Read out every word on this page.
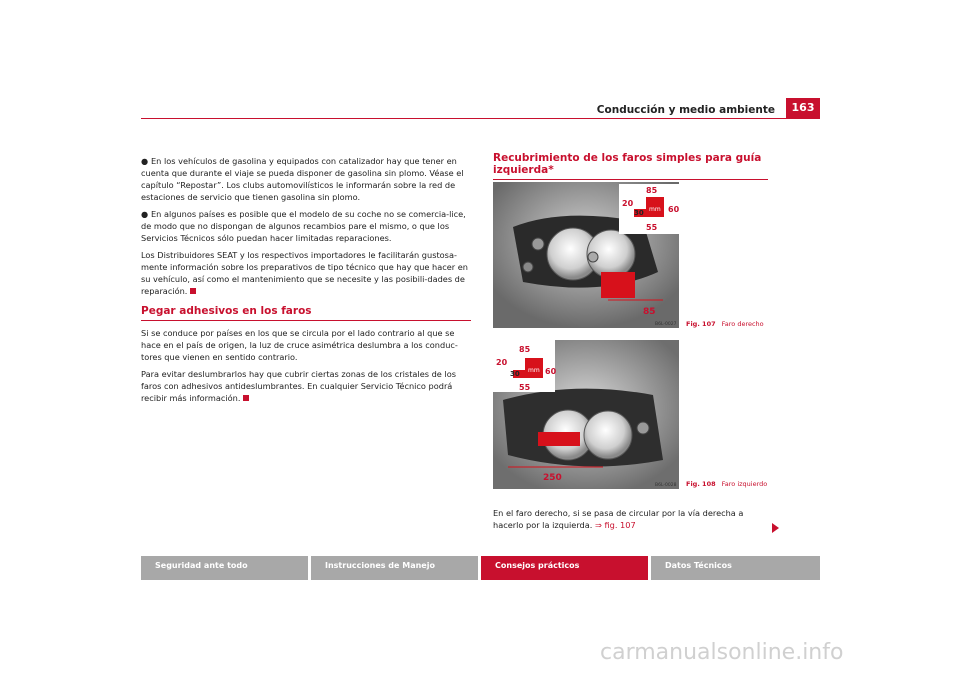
Conducción y medio ambiente	163

● En los vehículos de gasolina y equipados con catalizador hay que tener en cuenta que durante el viaje se pueda disponer de gasolina sin plomo. Véase el capítulo “Repostar”. Los clubs automovilísticos le informarán sobre la red de estaciones de servicio que tienen gasolina sin plomo.

● En algunos países es posible que el modelo de su coche no se comercia-lice, de modo que no dispongan de algunos recambios pare el mismo, o que los Servicios Técnicos sólo puedan hacer limitadas reparaciones.

Los Distribuidores SEAT y los respectivos importadores le facilitarán gustosa-mente información sobre los preparativos de tipo técnico que hay que hacer en su vehículo, así como el mantenimiento que se necesite y las posibili-dades de reparación.

Pegar adhesivos en los faros

Si se conduce por países en los que se circula por el lado contrario al que se hace en el país de origen, la luz de cruce asimétrica deslumbra a los conduc-tores que vienen en sentido contrario.

Para evitar deslumbrarlos hay que cubrir ciertas zonas de los cristales de los faros con adhesivos antideslumbrantes. En cualquier Servicio Técnico podrá recibir más información.

Recubrimiento de los faros simples para guía izquierda*
85
20
30 mm 60
55
85
B6L-0027 Fig. 107 Faro derecho
85
20
30 mm 60
55
250
B6L-0028 Fig. 108 Faro izquierdo

En el faro derecho, si se pasa de circular por la vía derecha a hacerlo por la izquierda. ⇒ fig. 107

Seguridad ante todo	Instrucciones de Manejo	Consejos prácticos	Datos Técnicos
carmanualsonline.info
